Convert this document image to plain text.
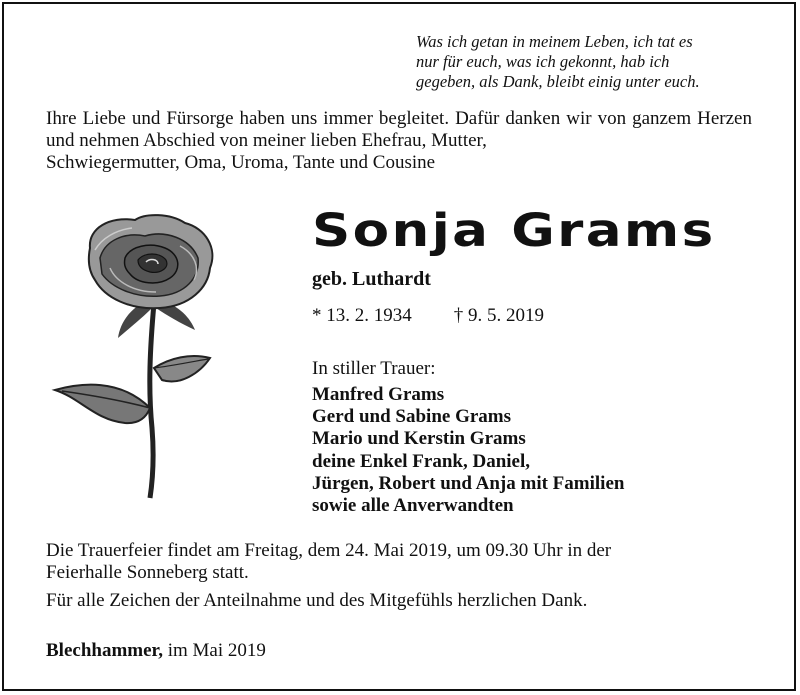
Was ich getan in meinem Leben, ich tat es
nur für euch, was ich gekonnt, hab ich
gegeben, als Dank, bleibt einig unter euch.
Ihre Liebe und Fürsorge haben uns immer begleitet. Dafür danken wir von ganzem Herzen und nehmen Abschied von meiner lieben Ehefrau, Mutter,
Schwiegermutter, Oma, Uroma, Tante und Cousine
Sonja Grams
geb. Luthardt
* 13. 2. 1934 † 9. 5. 2019
In stiller Trauer:
Manfred Grams
Gerd und Sabine Grams
Mario und Kerstin Grams
deine Enkel Frank, Daniel,
Jürgen, Robert und Anja mit Familien
sowie alle Anverwandten
Die Trauerfeier findet am Freitag, dem 24. Mai 2019, um 09.30 Uhr in der
Feierhalle Sonneberg statt.
Für alle Zeichen der Anteilnahme und des Mitgefühls herzlichen Dank.
Blechhammer, im Mai 2019
